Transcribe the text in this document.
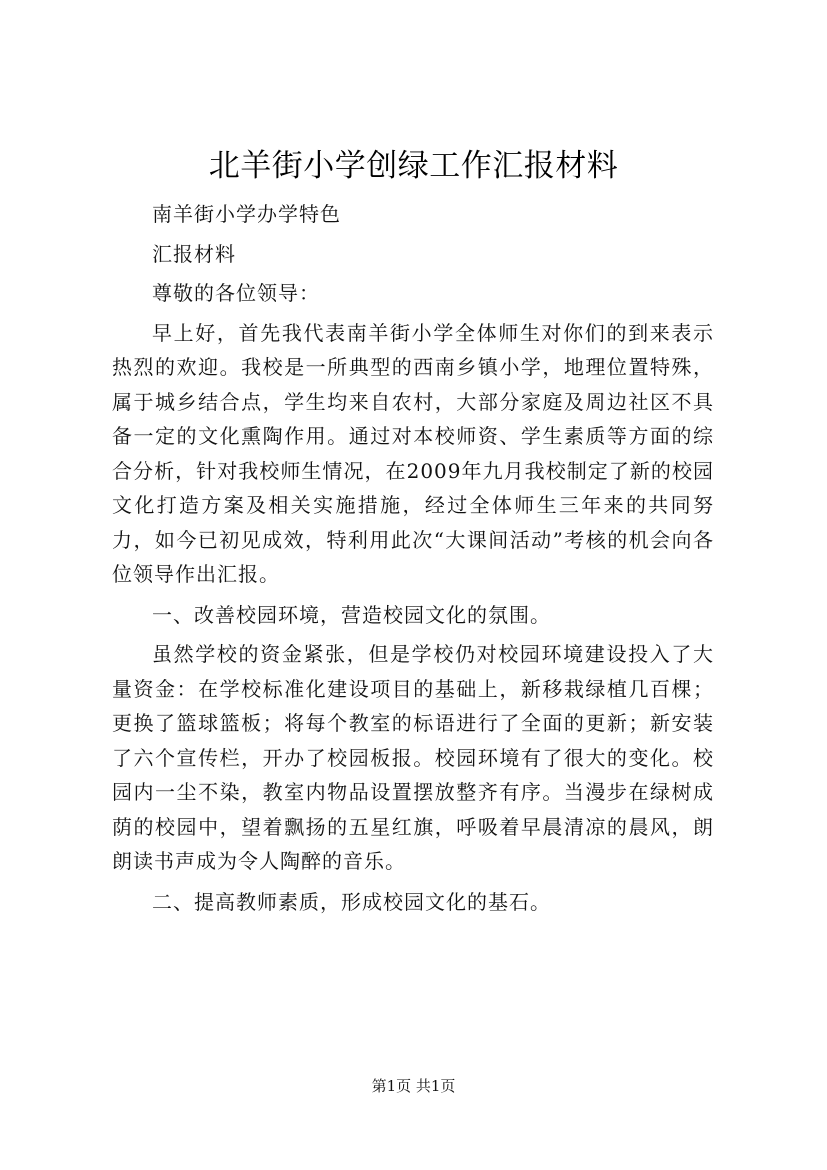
北羊街小学创绿工作汇报材料

南羊街小学办学特色

汇报材料

尊敬的各位领导：

早上好，首先我代表南羊街小学全体师生对你们的到来表示热烈的欢迎。我校是一所典型的西南乡镇小学，地理位置特殊，属于城乡结合点，学生均来自农村，大部分家庭及周边社区不具备一定的文化熏陶作用。通过对本校师资、学生素质等方面的综合分析，针对我校师生情况，在2009年九月我校制定了新的校园文化打造方案及相关实施措施，经过全体师生三年来的共同努力，如今已初见成效，特利用此次“大课间活动”考核的机会向各位领导作出汇报。

一、改善校园环境，营造校园文化的氛围。

虽然学校的资金紧张，但是学校仍对校园环境建设投入了大量资金：在学校标准化建设项目的基础上，新移栽绿植几百棵；更换了篮球篮板；将每个教室的标语进行了全面的更新；新安装了六个宣传栏，开办了校园板报。校园环境有了很大的变化。校园内一尘不染，教室内物品设置摆放整齐有序。当漫步在绿树成荫的校园中，望着飘扬的五星红旗，呼吸着早晨清凉的晨风，朗朗读书声成为令人陶醉的音乐。

二、提高教师素质，形成校园文化的基石。

第1页 共1页
